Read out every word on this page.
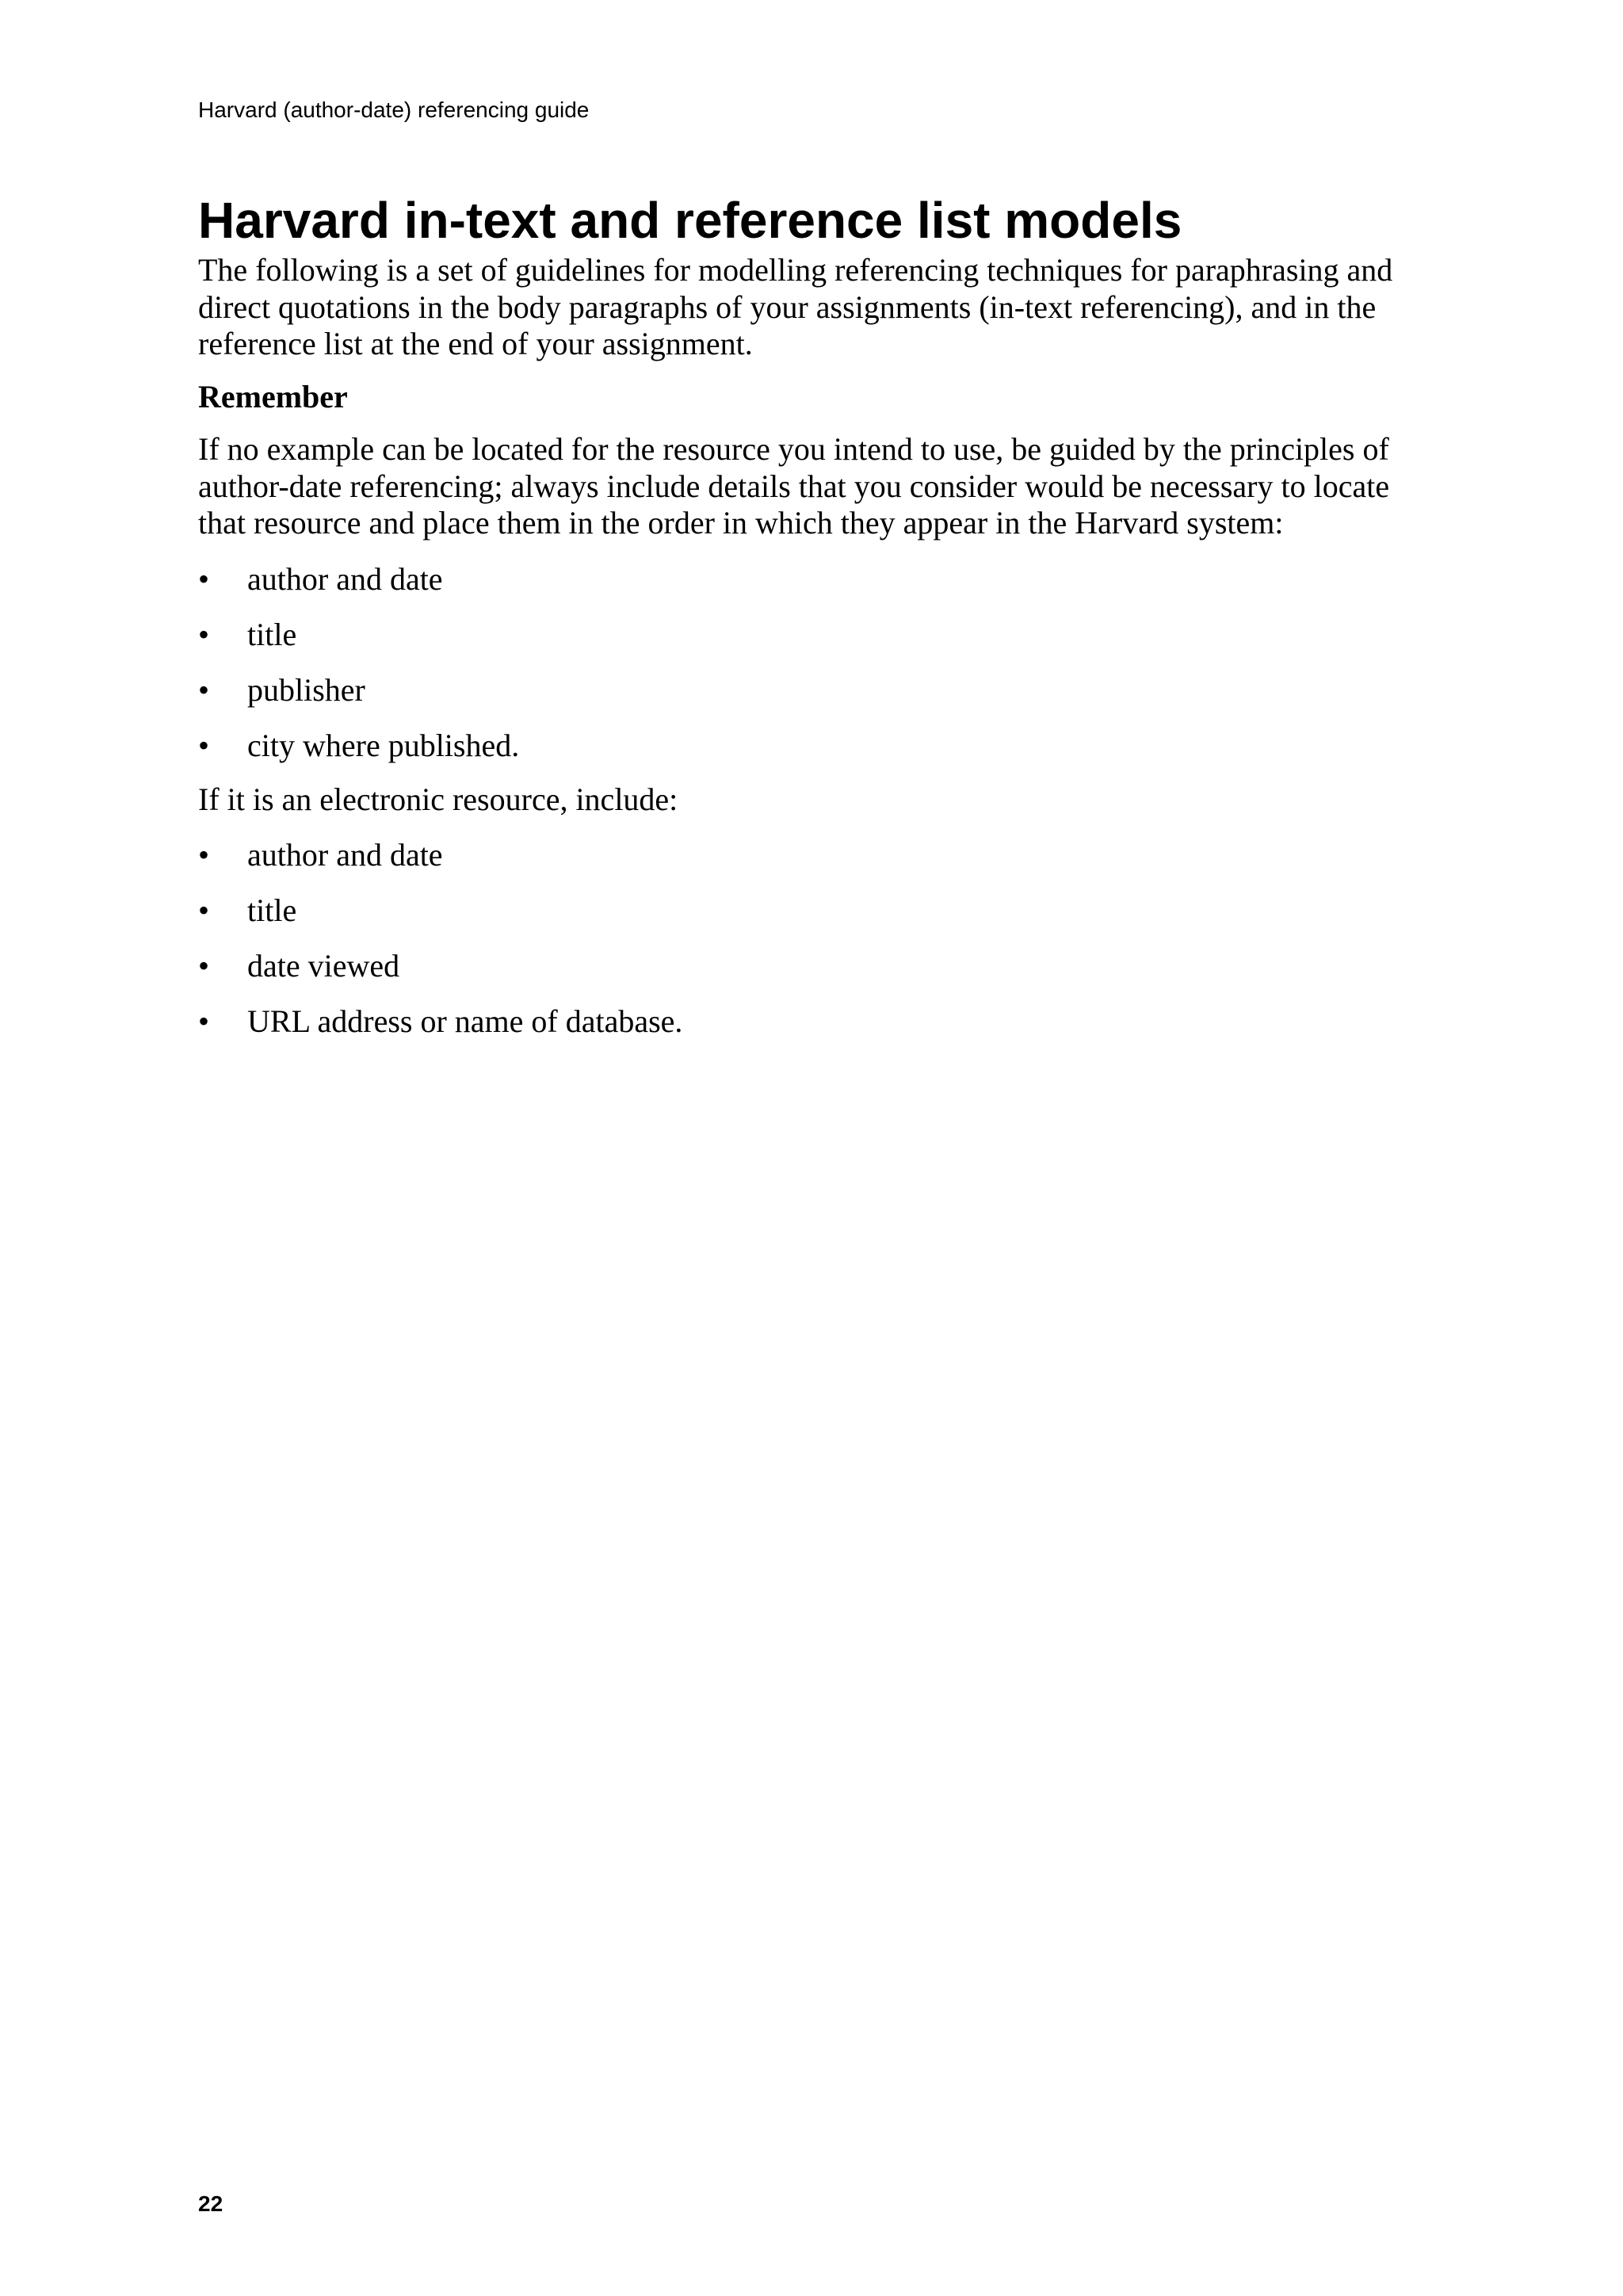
Harvard (author-date) referencing guide
Harvard in-text and reference list models

The following is a set of guidelines for modelling referencing techniques for paraphrasing and direct quotations in the body paragraphs of your assignments (in-text referencing), and in the reference list at the end of your assignment.

Remember

If no example can be located for the resource you intend to use, be guided by the principles of author-date referencing; always include details that you consider would be necessary to locate that resource and place them in the order in which they appear in the Harvard system:

•	author and date
•	title
•	publisher
•	city where published.

If it is an electronic resource, include:

•	author and date
•	title
•	date viewed
•	URL address or name of database.
22
